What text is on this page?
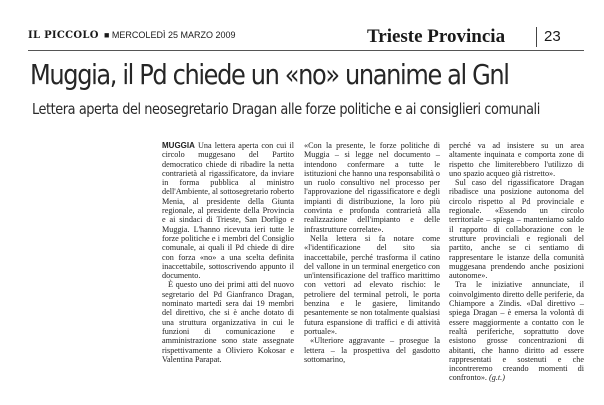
IL PICCOLO ■ MERCOLEDÌ 25 MARZO 2009	Trieste Provincia	23
Muggia, il Pd chiede un «no» unanime al Gnl
Lettera aperta del neosegretario Dragan alle forze politiche e ai consiglieri comunali

MUGGIA Una lettera aperta con cui il circolo muggesano del Partito democratico chiede di ribadire la netta contrarietà al rigassificatore, da inviare in forma pubblica al ministro dell'Ambiente, al sottosegretario roberto Menia, al presidente della Giunta regionale, al presidente della Provincia e ai sindaci di Trieste, San Dorligo e Muggia. L'hanno ricevuta ieri tutte le forze politiche e i membri del Consiglio comunale, ai quali il Pd chiede di dire con forza «no» a una scelta definita inaccettabile, sottoscrivendo appunto il documento.

È questo uno dei primi atti del nuovo segretario del Pd Gianfranco Dragan, nominato martedì sera dai 19 membri del direttivo, che si è anche dotato di una struttura organizzativa in cui le funzioni di comunicazione e amministrazione sono state assegnate rispettivamente a Oliviero Kokosar e Valentina Parapat.

«Con la presente, le forze politiche di Muggia – si legge nel documento – intendono confermare a tutte le istituzioni che hanno una responsabilità o un ruolo consultivo nel processo per l'approvazione del rigassificatore e degli impianti di distribuzione, la loro più convinta e profonda contrarietà alla realizzazione dell'impianto e delle infrastrutture correlate».

Nella lettera si fa notare come «l'identificazione del sito sia inaccettabile, perché trasforma il catino del vallone in un terminal energetico con un'intensificazione del traffico marittimo con vettori ad elevato rischio: le petroliere del terminal petroli, le porta benzina e le gasiere, limitando pesantemente se non totalmente qualsiasi futura espansione di traffici e di attività portuale».

«Ulteriore aggravante – prosegue la lettera – la prospettiva del gasdotto sottomarino,

perché va ad insistere su un area altamente inquinata e comporta zone di rispetto che limiterebbero l'utilizzo di uno spazio acqueo già ristretto».

Sul caso del rigassificatore Dragan ribadisce una posizione autonoma del circolo rispetto al Pd provinciale e regionale. «Essendo un circolo territoriale – spiega – manteniamo saldo il rapporto di collaborazione con le strutture provinciali e regionali del partito, anche se ci sentiamo di rappresentare le istanze della comunità muggesana prendendo anche posizioni autonome».

Tra le iniziative annunciate, il coinvolgimento diretto delle periferie, da Chiampore a Zindis. «Dal direttivo – spiega Dragan – è emersa la volontà di essere maggiormente a contatto con le realtà periferiche, soprattutto dove esistono grosse concentrazioni di abitanti, che hanno diritto ad essere rappresentati e sostenuti e che incontreremo creando momenti di confronto». (g.t.)
